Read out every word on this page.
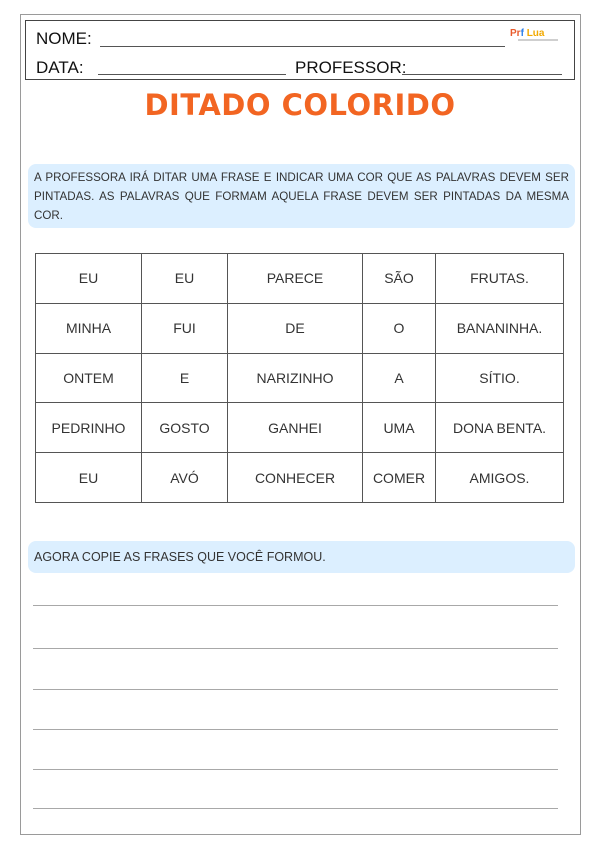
NOME:
DATA:	PROFESSOR:
Prf Lua
DITADO COLORIDO

A PROFESSORA IRÁ DITAR UMA FRASE E INDICAR UMA COR QUE AS PALAVRAS DEVEM SER PINTADAS. AS PALAVRAS QUE FORMAM AQUELA FRASE DEVEM SER PINTADAS DA MESMA COR.

EU	EU	PARECE	SÃO	FRUTAS.
MINHA	FUI	DE	O	BANANINHA.
ONTEM	E	NARIZINHO	A	SÍTIO.
PEDRINHO	GOSTO	GANHEI	UMA	DONA BENTA.
EU	AVÓ	CONHECER	COMER	AMIGOS.
AGORA COPIE AS FRASES QUE VOCÊ FORMOU.
